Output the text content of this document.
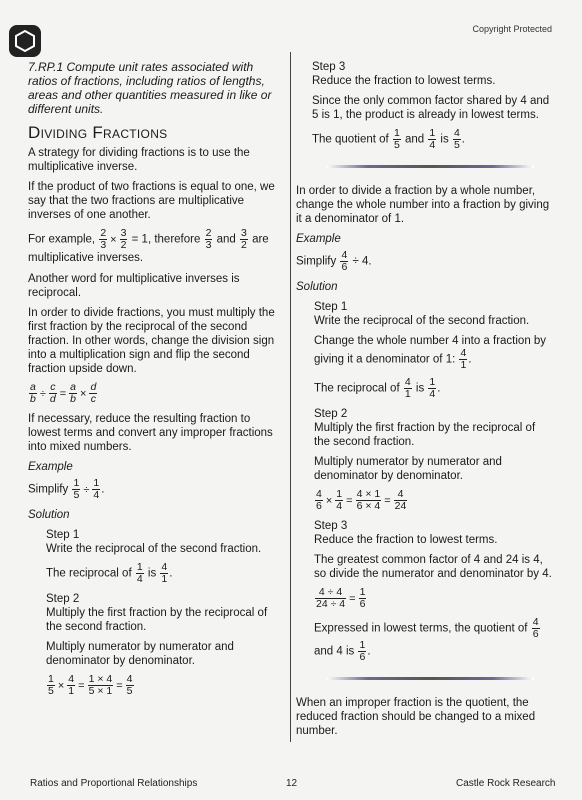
Copyright Protected

7.RP.1 Compute unit rates associated with ratios of fractions, including ratios of lengths, areas and other quantities measured in like or different units.

Dividing Fractions

A strategy for dividing fractions is to use the multiplicative inverse.

If the product of two fractions is equal to one, we say that the two fractions are multiplicative inverses of one another.

For example, $\frac{2}{3} \times \frac{3}{2} = 1$, therefore $\frac{2}{3}$ and $\frac{3}{2}$ are
multiplicative inverses.

Another word for multiplicative inverses is reciprocal.

In order to divide fractions, you must multiply the first fraction by the reciprocal of the second fraction. In other words, change the division sign into a multiplication sign and flip the second fraction upside down.

$\frac{a}{b} \div \frac{c}{d} = \frac{a}{b} \times \frac{d}{c}$

If necessary, reduce the resulting fraction to lowest terms and convert any improper fractions into mixed numbers.

Example

Simplify $\frac{1}{5} \div \frac{1}{4}$ .

Solution
Step 1

Write the reciprocal of the second fraction.

The reciprocal of $\frac{1}{4}$ is $\frac{4}{1}$ .

Step 2

Multiply the first fraction by the reciprocal of the second fraction.

Multiply numerator by numerator and denominator by denominator.

$\frac{1}{5} \times \frac{4}{1} = \frac{1 \times 4}{5 \times 1} = \frac{4}{5}$

Step 3

Reduce the fraction to lowest terms.

Since the only common factor shared by 4 and 5 is 1, the product is already in lowest terms.

The quotient of $\frac{1}{5}$ and $\frac{1}{4}$ is $\frac{4}{5}$ .

In order to divide a fraction by a whole number, change the whole number into a fraction by giving it a denominator of 1.

Example

Simplify $\frac{4}{6} \div 4$.

Solution
Step 1

Write the reciprocal of the second fraction.

Change the whole number 4 into a fraction by
giving it a denominator of 1: $\frac{4}{1}$ .

The reciprocal of $\frac{4}{1}$ is $\frac{1}{4}$ .

Step 2

Multiply the first fraction by the reciprocal of the second fraction.

Multiply numerator by numerator and denominator by denominator.

$\frac{4}{6} \times \frac{1}{4} = \frac{4 \times 1}{6 \times 4} = \frac{4}{24}$

Step 3

Reduce the fraction to lowest terms.

The greatest common factor of 4 and 24 is 4, so divide the numerator and denominator by 4.

$\frac{4 \div 4}{24 \div 4} = \frac{1}{6}$

Expressed in lowest terms, the quotient of $\frac{4}{6}$

and 4 is $\frac{1}{6}$ .

When an improper fraction is the quotient, the reduced fraction should be changed to a mixed number.

Ratios and Proportional Relationships	12	Castle Rock Research
